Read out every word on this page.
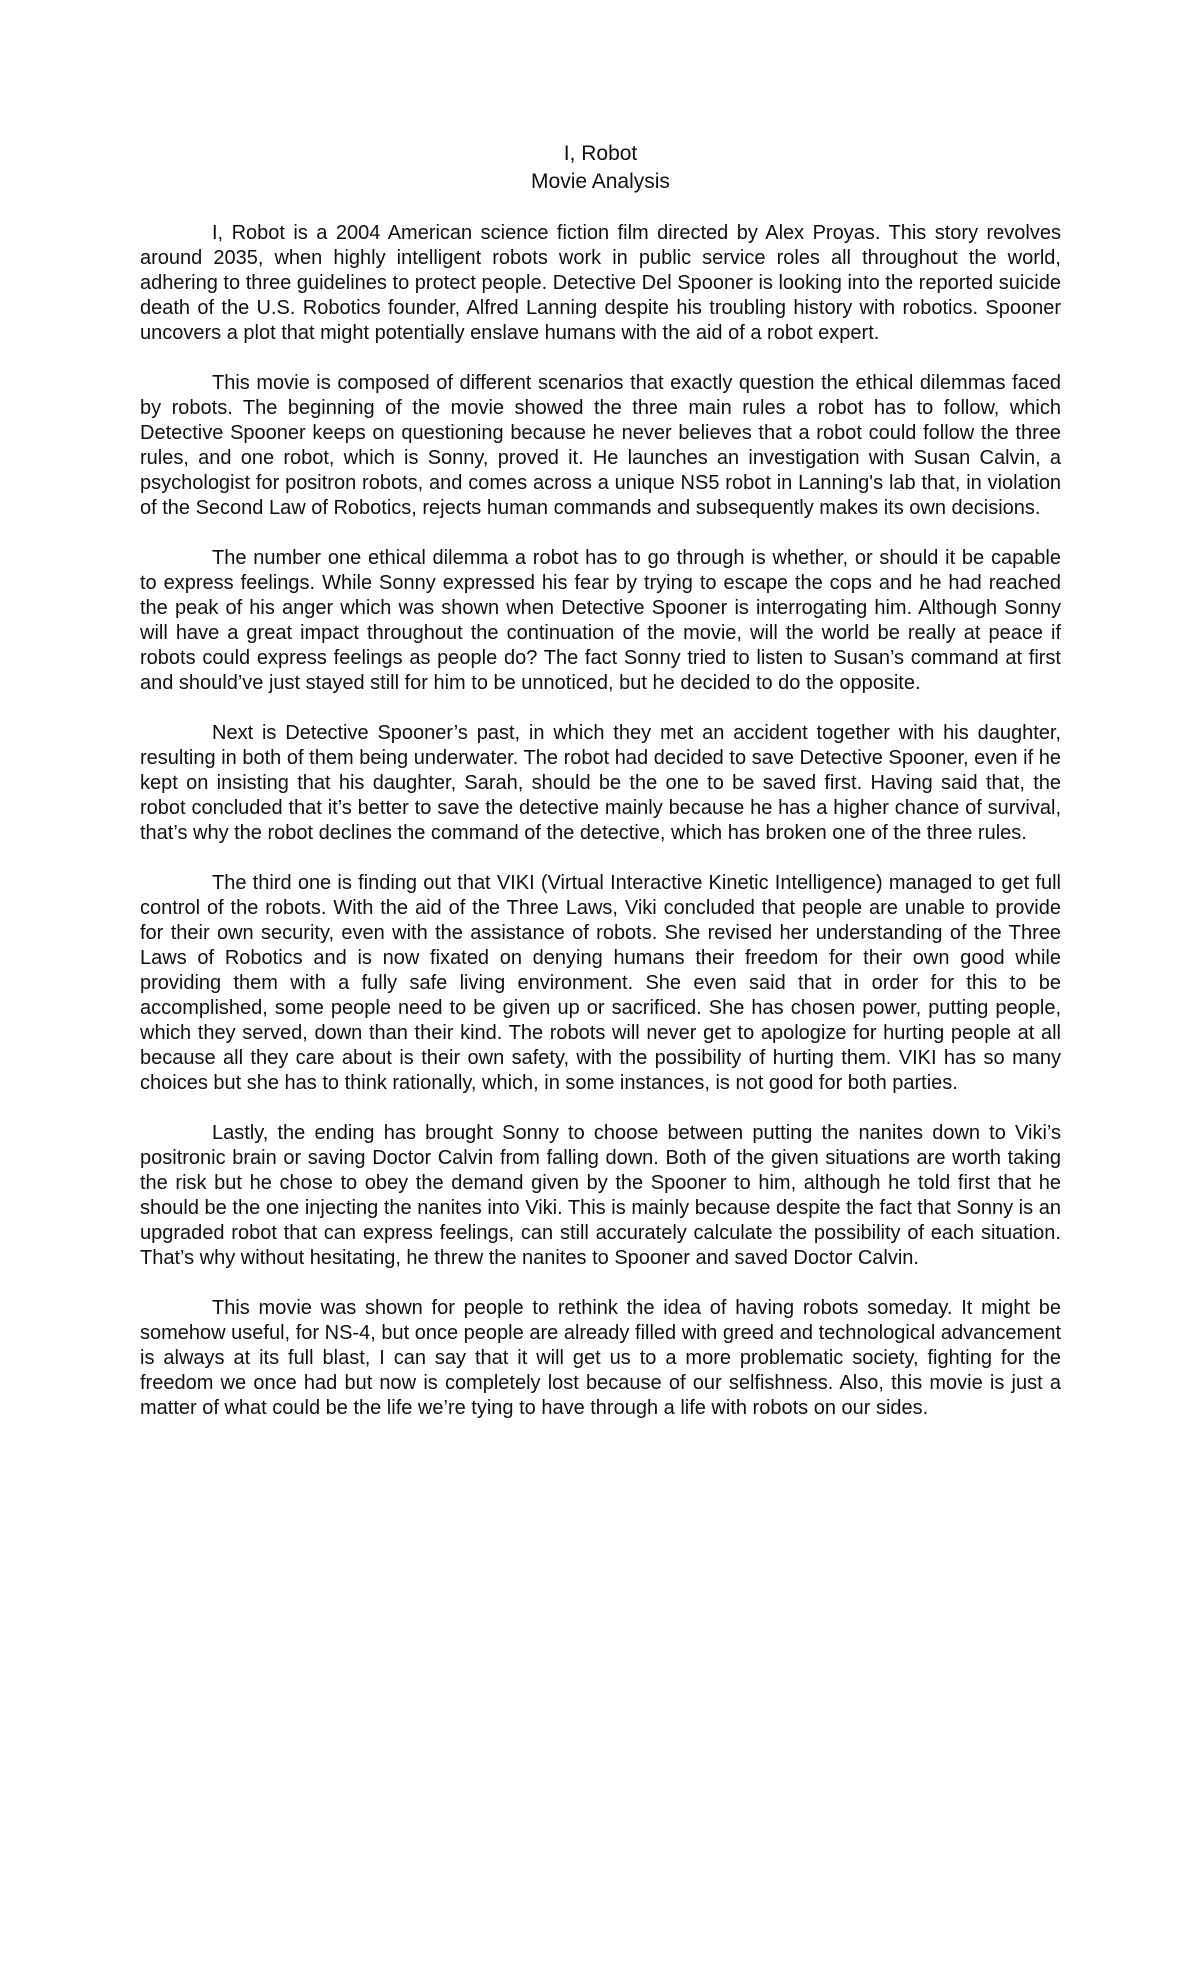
I, Robot
Movie Analysis

I, Robot is a 2004 American science fiction film directed by Alex Proyas. This story revolves around 2035, when highly intelligent robots work in public service roles all throughout the world, adhering to three guidelines to protect people. Detective Del Spooner is looking into the reported suicide death of the U.S. Robotics founder, Alfred Lanning despite his troubling history with robotics. Spooner uncovers a plot that might potentially enslave humans with the aid of a robot expert.

This movie is composed of different scenarios that exactly question the ethical dilemmas faced by robots. The beginning of the movie showed the three main rules a robot has to follow, which Detective Spooner keeps on questioning because he never believes that a robot could follow the three rules, and one robot, which is Sonny, proved it. He launches an investigation with Susan Calvin, a psychologist for positron robots, and comes across a unique NS5 robot in Lanning's lab that, in violation of the Second Law of Robotics, rejects human commands and subsequently makes its own decisions.

The number one ethical dilemma a robot has to go through is whether, or should it be capable to express feelings. While Sonny expressed his fear by trying to escape the cops and he had reached the peak of his anger which was shown when Detective Spooner is interrogating him. Although Sonny will have a great impact throughout the continuation of the movie, will the world be really at peace if robots could express feelings as people do? The fact Sonny tried to listen to Susan’s command at first and should’ve just stayed still for him to be unnoticed, but he decided to do the opposite.

Next is Detective Spooner’s past, in which they met an accident together with his daughter, resulting in both of them being underwater. The robot had decided to save Detective Spooner, even if he kept on insisting that his daughter, Sarah, should be the one to be saved first. Having said that, the robot concluded that it’s better to save the detective mainly because he has a higher chance of survival, that’s why the robot declines the command of the detective, which has broken one of the three rules.

The third one is finding out that VIKI (Virtual Interactive Kinetic Intelligence) managed to get full control of the robots. With the aid of the Three Laws, Viki concluded that people are unable to provide for their own security, even with the assistance of robots. She revised her understanding of the Three Laws of Robotics and is now fixated on denying humans their freedom for their own good while providing them with a fully safe living environment. She even said that in order for this to be accomplished, some people need to be given up or sacrificed. She has chosen power, putting people, which they served, down than their kind. The robots will never get to apologize for hurting people at all because all they care about is their own safety, with the possibility of hurting them. VIKI has so many choices but she has to think rationally, which, in some instances, is not good for both parties.

Lastly, the ending has brought Sonny to choose between putting the nanites down to Viki’s positronic brain or saving Doctor Calvin from falling down. Both of the given situations are worth taking the risk but he chose to obey the demand given by the Spooner to him, although he told first that he should be the one injecting the nanites into Viki. This is mainly because despite the fact that Sonny is an upgraded robot that can express feelings, can still accurately calculate the possibility of each situation. That’s why without hesitating, he threw the nanites to Spooner and saved Doctor Calvin.

This movie was shown for people to rethink the idea of having robots someday. It might be somehow useful, for NS-4, but once people are already filled with greed and technological advancement is always at its full blast, I can say that it will get us to a more problematic society, fighting for the freedom we once had but now is completely lost because of our selfishness. Also, this movie is just a matter of what could be the life we’re tying to have through a life with robots on our sides.
